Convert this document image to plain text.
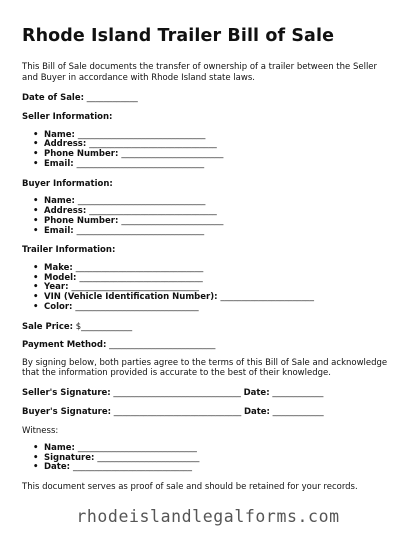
Rhode Island Trailer Bill of Sale

This Bill of Sale documents the transfer of ownership of a trailer between the Seller and Buyer in accordance with Rhode Island state laws.

Date of Sale: ____________

Seller Information:

• Name: ______________________________
• Address: ______________________________
• Phone Number: ________________________
• Email: ______________________________

Buyer Information:

• Name: ______________________________
• Address: ______________________________
• Phone Number: ________________________
• Email: ______________________________

Trailer Information:

• Make: ______________________________
• Model: _____________________________
• Year: ______________________________
• VIN (Vehicle Identification Number): ______________________
• Color: _____________________________

Sale Price: $____________

Payment Method: _________________________

By signing below, both parties agree to the terms of this Bill of Sale and acknowledge that the information provided is accurate to the best of their knowledge.

Seller's Signature: ______________________________ Date: ____________

Buyer's Signature: ______________________________ Date: ____________

Witness:

• Name: ____________________________
• Signature: ________________________
• Date: ____________________________

This document serves as proof of sale and should be retained for your records.

rhodeislandlegalforms.com
